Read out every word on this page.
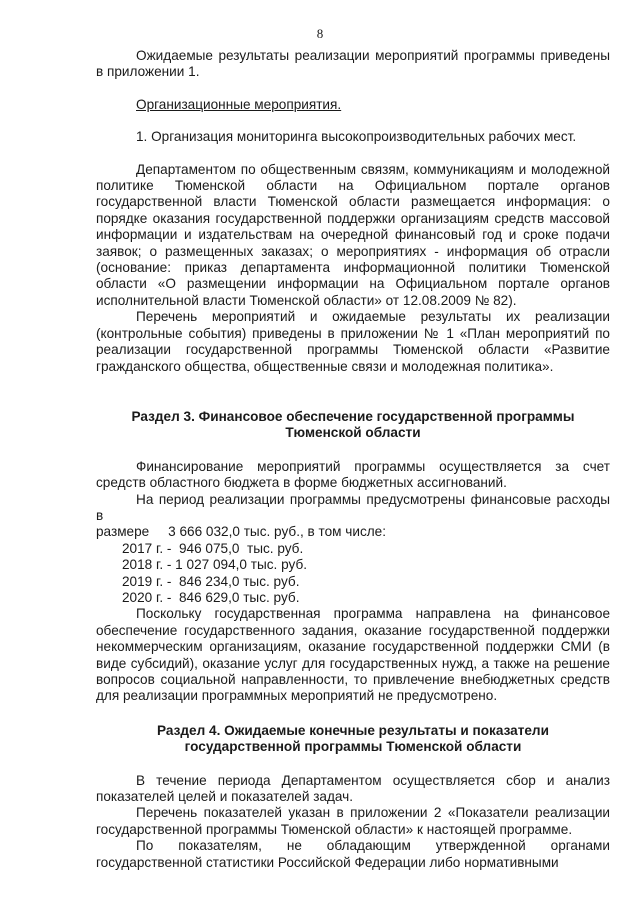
8

Ожидаемые результаты реализации мероприятий программы приведены в приложении 1.

Организационные мероприятия.

1. Организация мониторинга высокопроизводительных рабочих мест.

Департаментом по общественным связям, коммуникациям и молодежной политике Тюменской области на Официальном портале органов государственной власти Тюменской области размещается информация: о порядке оказания государственной поддержки организациям средств массовой информации и издательствам на очередной финансовый год и сроке подачи заявок; о размещенных заказах; о мероприятиях - информация об отрасли (основание: приказ департамента информационной политики Тюменской области «О размещении информации на Официальном портале органов исполнительной власти Тюменской области» от 12.08.2009 № 82).

Перечень мероприятий и ожидаемые результаты их реализации (контрольные события) приведены в приложении № 1 «План мероприятий по реализации государственной программы Тюменской области «Развитие гражданского общества, общественные связи и молодежная политика».

Раздел 3. Финансовое обеспечение государственной программы

Тюменской области

Финансирование мероприятий программы осуществляется за счет средств областного бюджета в форме бюджетных ассигнований.

На период реализации программы предусмотрены финансовые расходы в

размере     3 666 032,0 тыс. руб., в том числе:

2017 г. -  946 075,0  тыс. руб.

2018 г. - 1 027 094,0 тыс. руб.

2019 г. -  846 234,0 тыс. руб.

2020 г. -  846 629,0 тыс. руб.

Поскольку государственная программа направлена на финансовое обеспечение государственного задания, оказание государственной поддержки некоммерческим организациям, оказание государственной поддержки СМИ (в виде субсидий), оказание услуг для государственных нужд, а также на решение вопросов социальной направленности, то привлечение внебюджетных средств для реализации программных мероприятий не предусмотрено.

Раздел 4. Ожидаемые конечные результаты и показатели

государственной программы Тюменской области

В течение периода Департаментом осуществляется сбор и анализ показателей целей и показателей задач.

Перечень показателей указан в приложении 2 «Показатели реализации государственной программы Тюменской области» к настоящей программе.

По показателям, не обладающим утвержденной органами государственной статистики Российской Федерации либо нормативными
